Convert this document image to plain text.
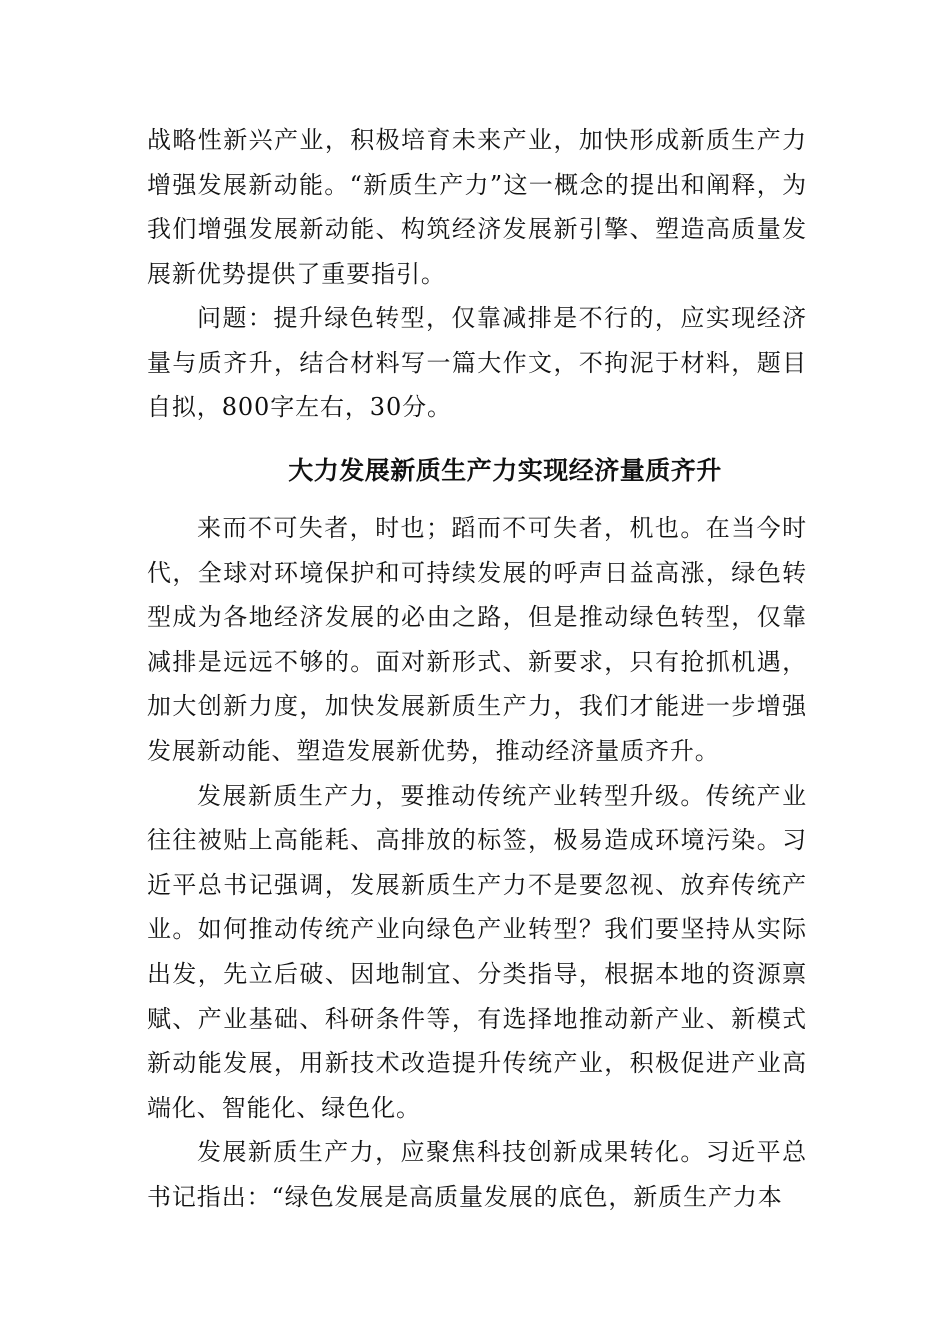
战略性新兴产业，积极培育未来产业，加快形成新质生产力增强发展新动能。“新质生产力”这一概念的提出和阐释，为我们增强发展新动能、构筑经济发展新引擎、塑造高质量发展新优势提供了重要指引。

问题：提升绿色转型，仅靠减排是不行的，应实现经济量与质齐升，结合材料写一篇大作文，不拘泥于材料，题目自拟，800字左右，30分。

大力发展新质生产力实现经济量质齐升

来而不可失者，时也；蹈而不可失者，机也。在当今时代，全球对环境保护和可持续发展的呼声日益高涨，绿色转型成为各地经济发展的必由之路，但是推动绿色转型，仅靠减排是远远不够的。面对新形式、新要求，只有抢抓机遇，加大创新力度，加快发展新质生产力，我们才能进一步增强发展新动能、塑造发展新优势，推动经济量质齐升。

发展新质生产力，要推动传统产业转型升级。传统产业往往被贴上高能耗、高排放的标签，极易造成环境污染。习近平总书记强调，发展新质生产力不是要忽视、放弃传统产业。如何推动传统产业向绿色产业转型？我们要坚持从实际出发，先立后破、因地制宜、分类指导，根据本地的资源禀赋、产业基础、科研条件等，有选择地推动新产业、新模式新动能发展，用新技术改造提升传统产业，积极促进产业高端化、智能化、绿色化。

发展新质生产力，应聚焦科技创新成果转化。习近平总书记指出：“绿色发展是高质量发展的底色，新质生产力本
